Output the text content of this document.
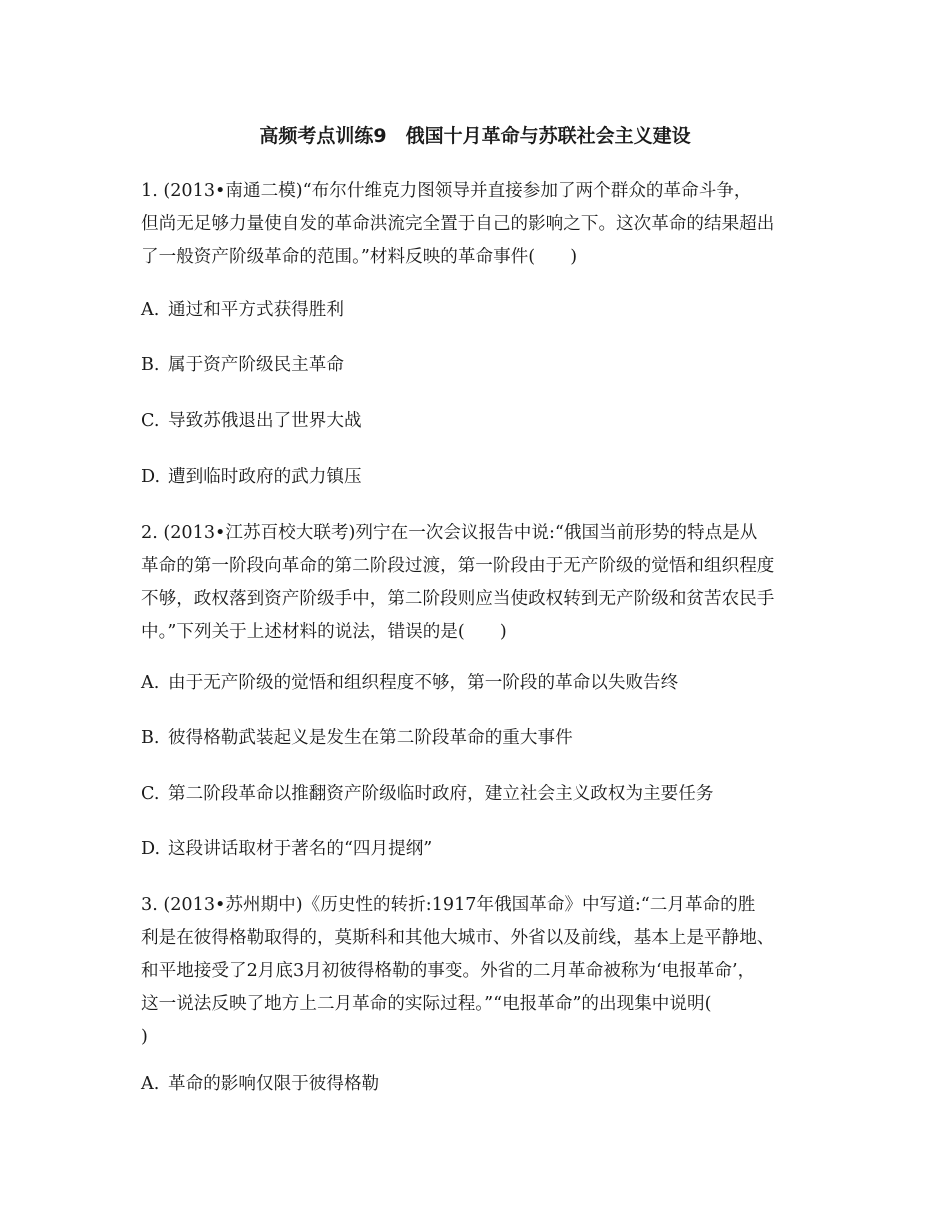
高频考点训练9　俄国十月革命与苏联社会主义建设
1. (2013•南通二模)“布尔什维克力图领导并直接参加了两个群众的革命斗争，
但尚无足够力量使自发的革命洪流完全置于自己的影响之下。这次革命的结果超出
了一般资产阶级革命的范围。”材料反映的革命事件(　　)
A. 通过和平方式获得胜利
B. 属于资产阶级民主革命
C. 导致苏俄退出了世界大战
D. 遭到临时政府的武力镇压
2. (2013•江苏百校大联考)列宁在一次会议报告中说:“俄国当前形势的特点是从
革命的第一阶段向革命的第二阶段过渡，第一阶段由于无产阶级的觉悟和组织程度
不够，政权落到资产阶级手中，第二阶段则应当使政权转到无产阶级和贫苦农民手
中。”下列关于上述材料的说法，错误的是(　　)
A. 由于无产阶级的觉悟和组织程度不够，第一阶段的革命以失败告终
B. 彼得格勒武装起义是发生在第二阶段革命的重大事件
C. 第二阶段革命以推翻资产阶级临时政府，建立社会主义政权为主要任务
D. 这段讲话取材于著名的“四月提纲”
3. (2013•苏州期中)《历史性的转折:1917年俄国革命》中写道:“二月革命的胜
利是在彼得格勒取得的，莫斯科和其他大城市、外省以及前线，基本上是平静地、
和平地接受了2月底3月初彼得格勒的事变。外省的二月革命被称为‘电报革命’，
这一说法反映了地方上二月革命的实际过程。”“电报革命”的出现集中说明(
)
A. 革命的影响仅限于彼得格勒
